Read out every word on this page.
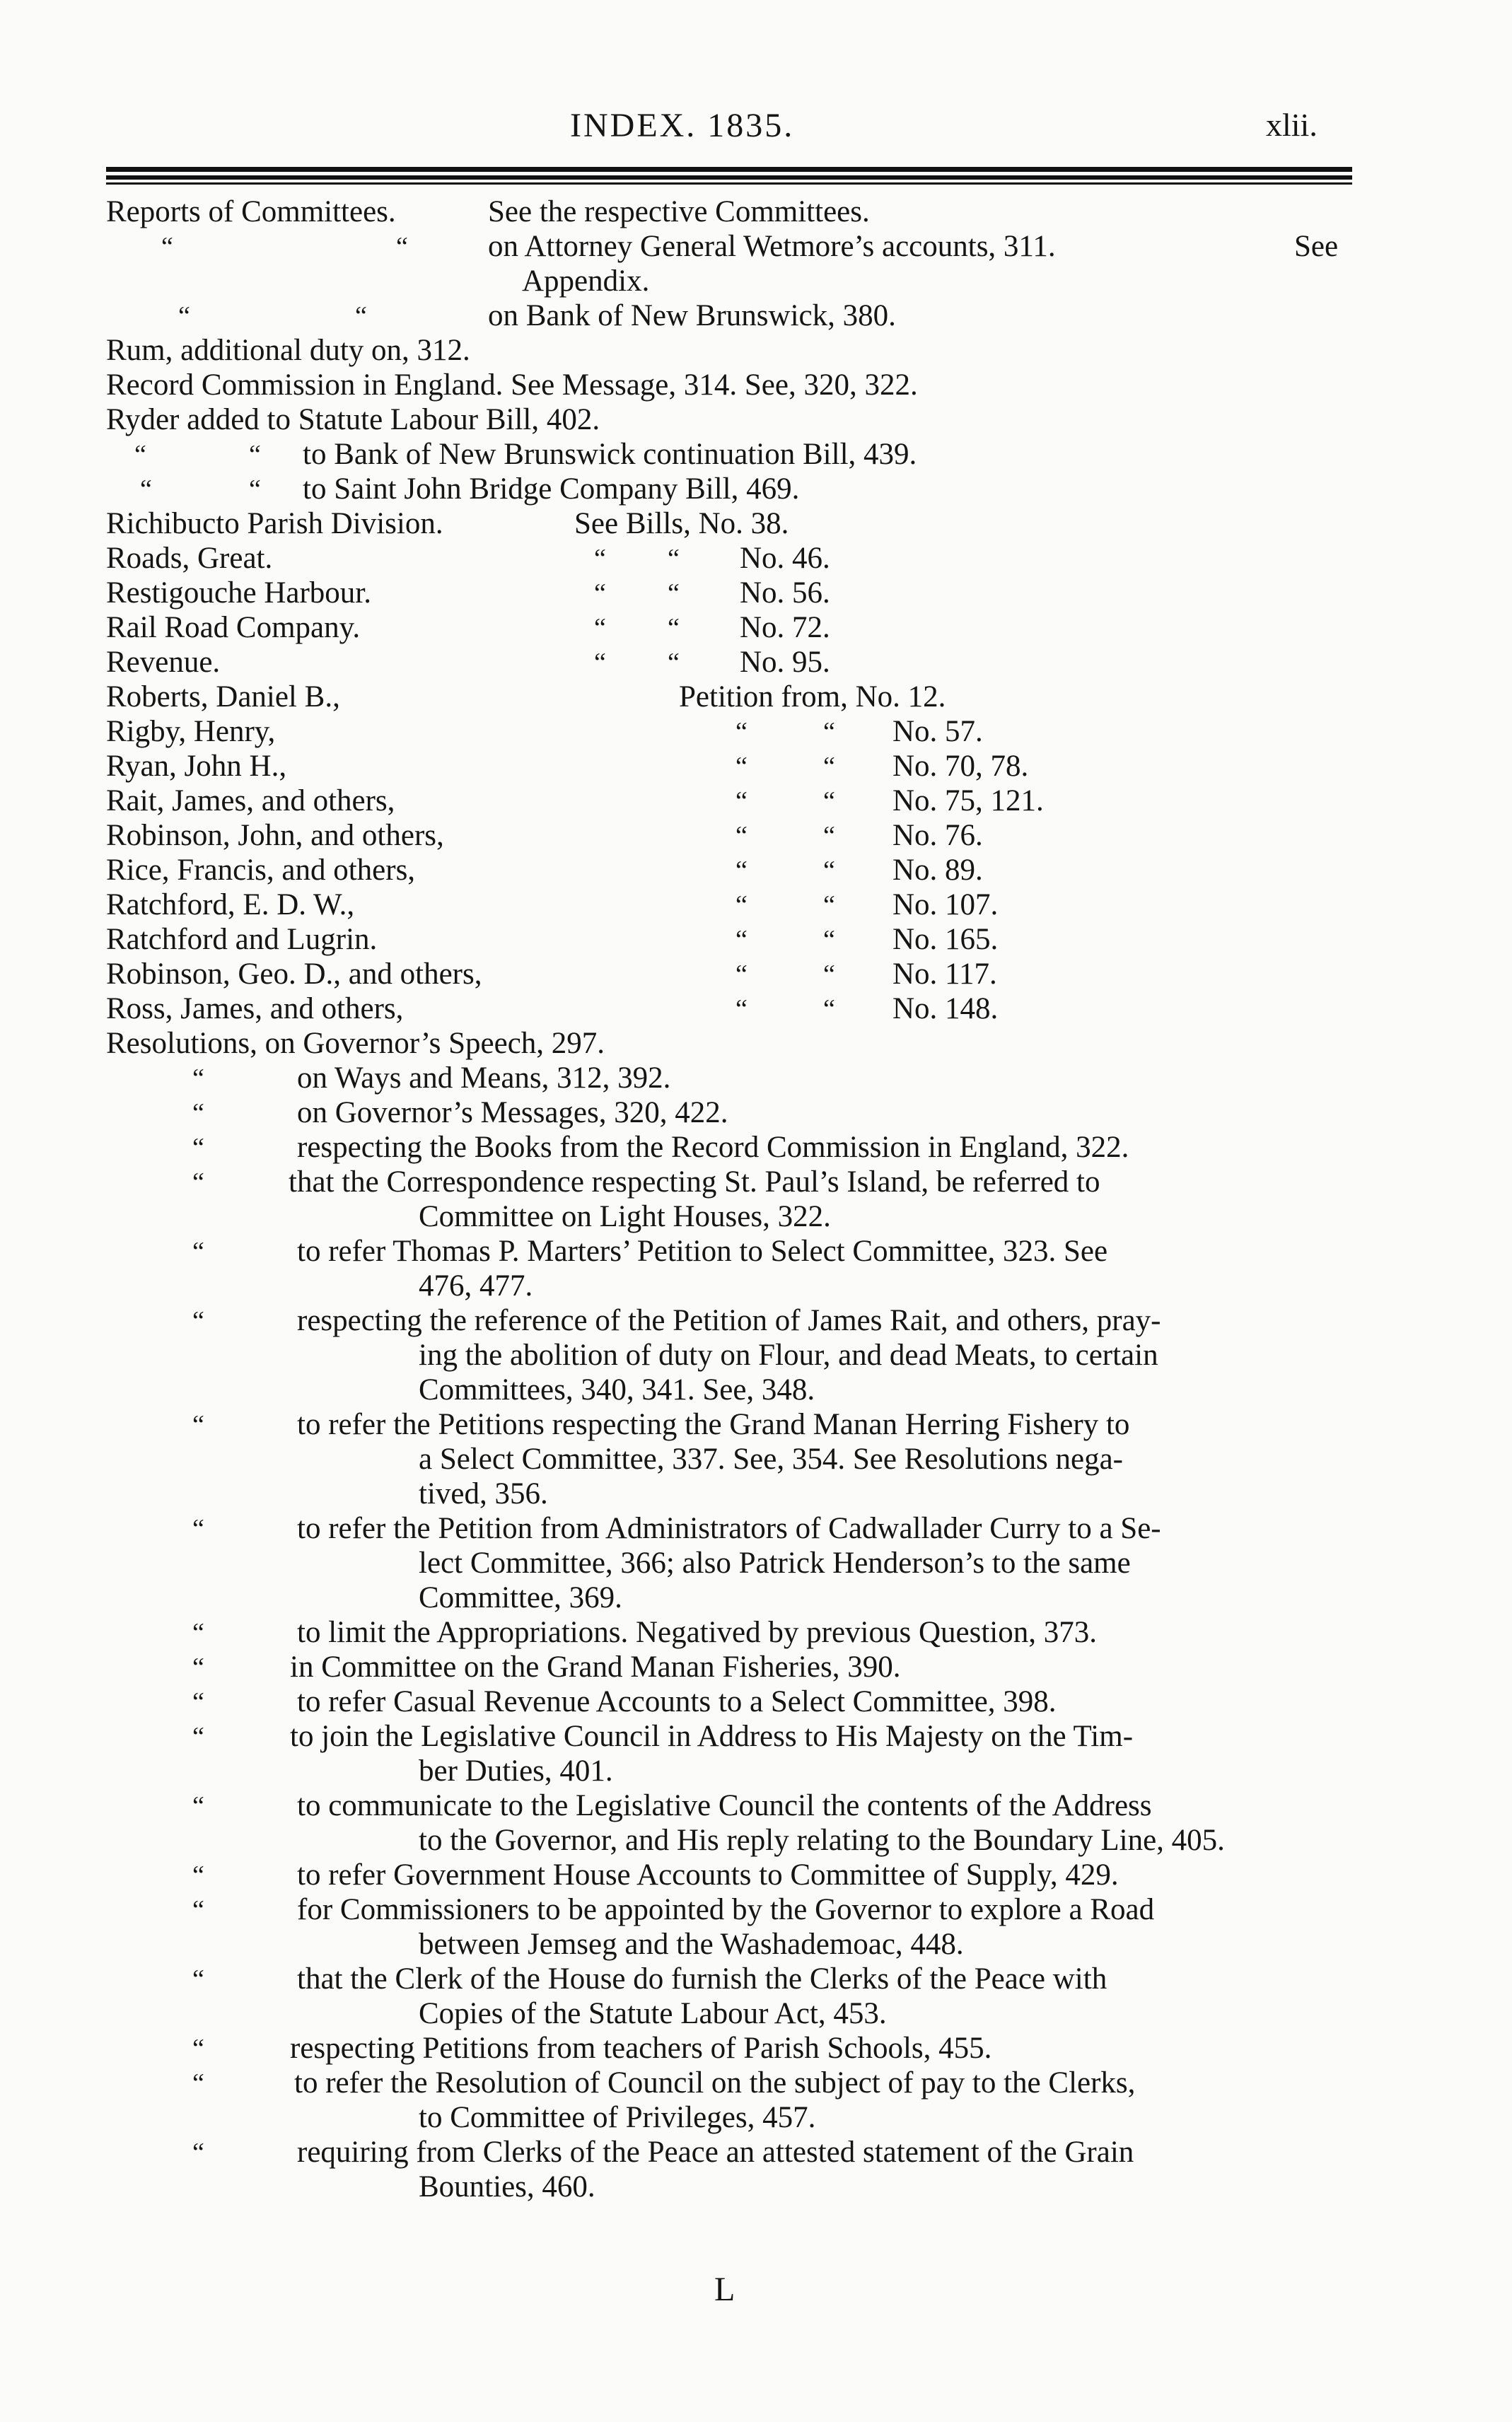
INDEX. 1835.	xlii.
Reports of Committees.	See the respective Committees.
“	“	on Attorney General Wetmore’s accounts, 311.	See
Appendix.
“	“	on Bank of New Brunswick, 380.
Rum, additional duty on, 312.
Record Commission in England. See Message, 314. See, 320, 322.
Ryder added to Statute Labour Bill, 402.
“	“ to Bank of New Brunswick continuation Bill, 439.
“	“ to Saint John Bridge Company Bill, 469.
Richibucto Parish Division.	See Bills, No. 38.
Roads, Great.	“ “ No. 46.
Restigouche Harbour.	“ “ No. 56.
Rail Road Company.	“ “ No. 72.
Revenue.	“ “ No. 95.
Roberts, Daniel B.,	Petition from, No. 12.
Rigby, Henry,	“	“ No. 57.
Ryan, John H.,	“	“ No. 70, 78.
Rait, James, and others,	“	“ No. 75, 121.
Robinson, John, and others,	“	“ No. 76.
Rice, Francis, and others,	“	“ No. 89.
Ratchford, E. D. W.,	“	“ No. 107.
Ratchford and Lugrin.	“	“ No. 165.
Robinson, Geo. D., and others,	“	“ No. 117.
Ross, James, and others,	“	“ No. 148.
Resolutions, on Governor’s Speech, 297.
“	on Ways and Means, 312, 392.
“	on Governor’s Messages, 320, 422.
“	respecting the Books from the Record Commission in England, 322.
“	that the Correspondence respecting St. Paul’s Island, be referred to
Committee on Light Houses, 322.
“	to refer Thomas P. Marters’ Petition to Select Committee, 323. See
476, 477.
“	respecting the reference of the Petition of James Rait, and others, pray-
ing the abolition of duty on Flour, and dead Meats, to certain
Committees, 340, 341. See, 348.
“	to refer the Petitions respecting the Grand Manan Herring Fishery to
a Select Committee, 337. See, 354. See Resolutions nega-
tived, 356.
“	to refer the Petition from Administrators of Cadwallader Curry to a Se-
lect Committee, 366; also Patrick Henderson’s to the same
Committee, 369.
“	to limit the Appropriations. Negatived by previous Question, 373.
“	in Committee on the Grand Manan Fisheries, 390.
“	to refer Casual Revenue Accounts to a Select Committee, 398.
“	to join the Legislative Council in Address to His Majesty on the Tim-
ber Duties, 401.
“	to communicate to the Legislative Council the contents of the Address
to the Governor, and His reply relating to the Boundary Line, 405.
“	to refer Government House Accounts to Committee of Supply, 429.
“	for Commissioners to be appointed by the Governor to explore a Road
between Jemseg and the Washademoac, 448.
“	that the Clerk of the House do furnish the Clerks of the Peace with
Copies of the Statute Labour Act, 453.
“	respecting Petitions from teachers of Parish Schools, 455.
“	to refer the Resolution of Council on the subject of pay to the Clerks,
to Committee of Privileges, 457.
“	requiring from Clerks of the Peace an attested statement of the Grain
Bounties, 460.
L
